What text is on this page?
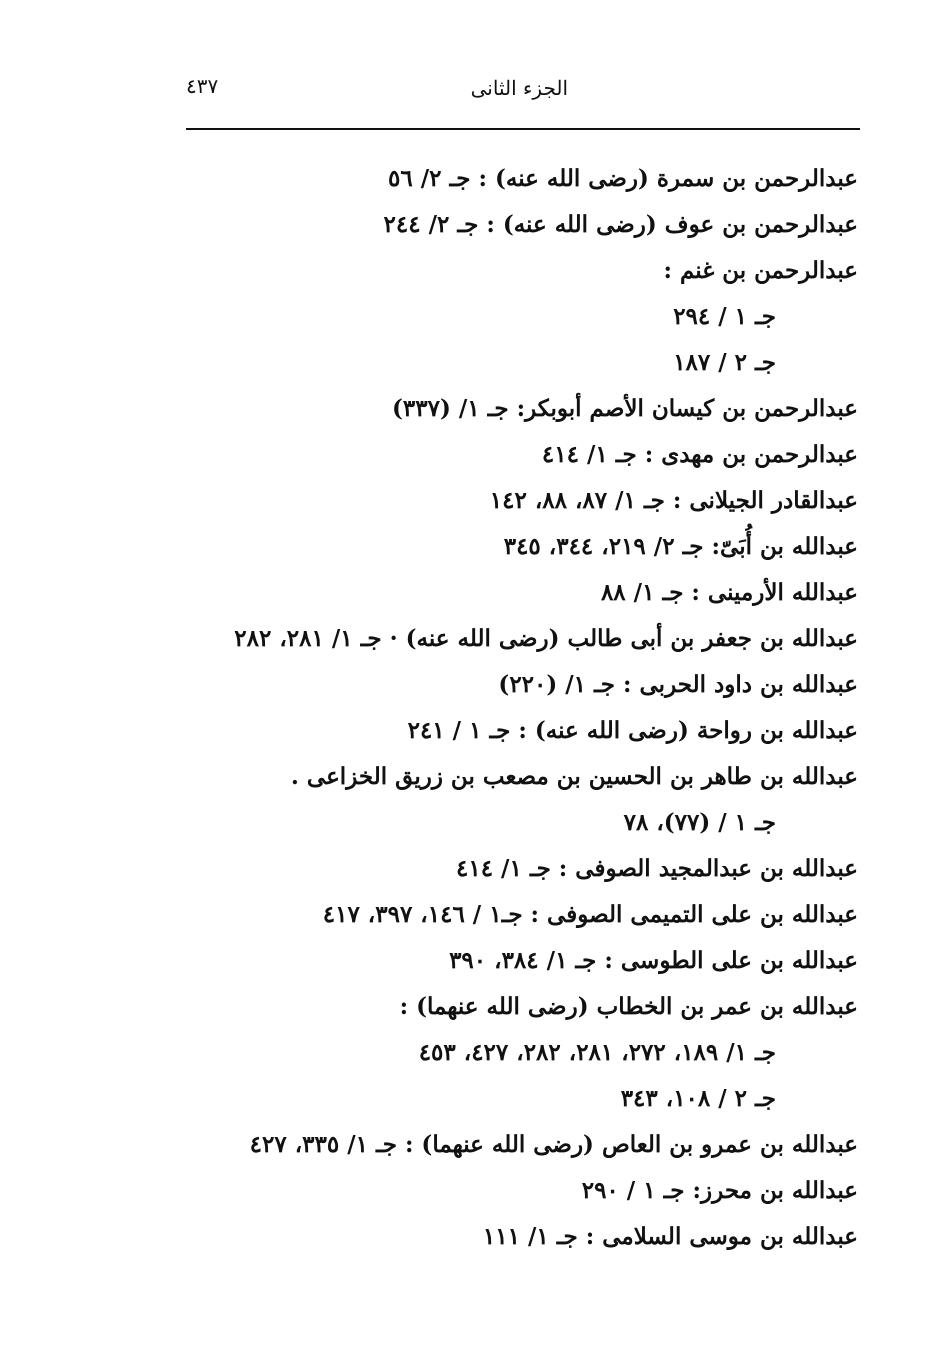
الجزء الثانى
٤٣٧
عبدالرحمن بن سمرة (رضى الله عنه) : جـ ٢/ ٥٦
عبدالرحمن بن عوف (رضى الله عنه) : جـ ٢/ ٢٤٤
عبدالرحمن بن غنم :
جـ ١ / ٢٩٤
جـ ٢ / ١٨٧
عبدالرحمن بن كيسان الأصم أبوبكر: جـ ١/ (٣٣٧)
عبدالرحمن بن مهدى : جـ ١/ ٤١٤
عبدالقادر الجيلانى : جـ ١/ ٨٧، ٨٨، ١٤٢
عبدالله بن أُبَىّ: جـ ٢/ ٢١٩، ٣٤٤، ٣٤٥
عبدالله الأرمينى : جـ ١/ ٨٨
عبدالله بن جعفر بن أبى طالب (رضى الله عنه) · جـ ١/ ٢٨١، ٢٨٢
عبدالله بن داود الحربى : جـ ١/ (٢٢٠)
عبدالله بن رواحة (رضى الله عنه) : جـ ١ / ٢٤١
عبدالله بن طاهر بن الحسين بن مصعب بن زريق الخزاعى .
جـ ١ / (٧٧)، ٧٨
عبدالله بن عبدالمجيد الصوفى : جـ ١/ ٤١٤
عبدالله بن على التميمى الصوفى : جـ١ / ١٤٦، ٣٩٧، ٤١٧
عبدالله بن على الطوسى : جـ ١/ ٣٨٤، ٣٩٠
عبدالله بن عمر بن الخطاب (رضى الله عنهما) :
جـ ١/ ١٨٩، ٢٧٢، ٢٨١، ٢٨٢، ٤٢٧، ٤٥٣
جـ ٢ / ١٠٨، ٣٤٣
عبدالله بن عمرو بن العاص (رضى الله عنهما) : جـ ١/ ٣٣٥، ٤٢٧
عبدالله بن محرز: جـ ١ / ٢٩٠
عبدالله بن موسى السلامى : جـ ١/ ١١١
